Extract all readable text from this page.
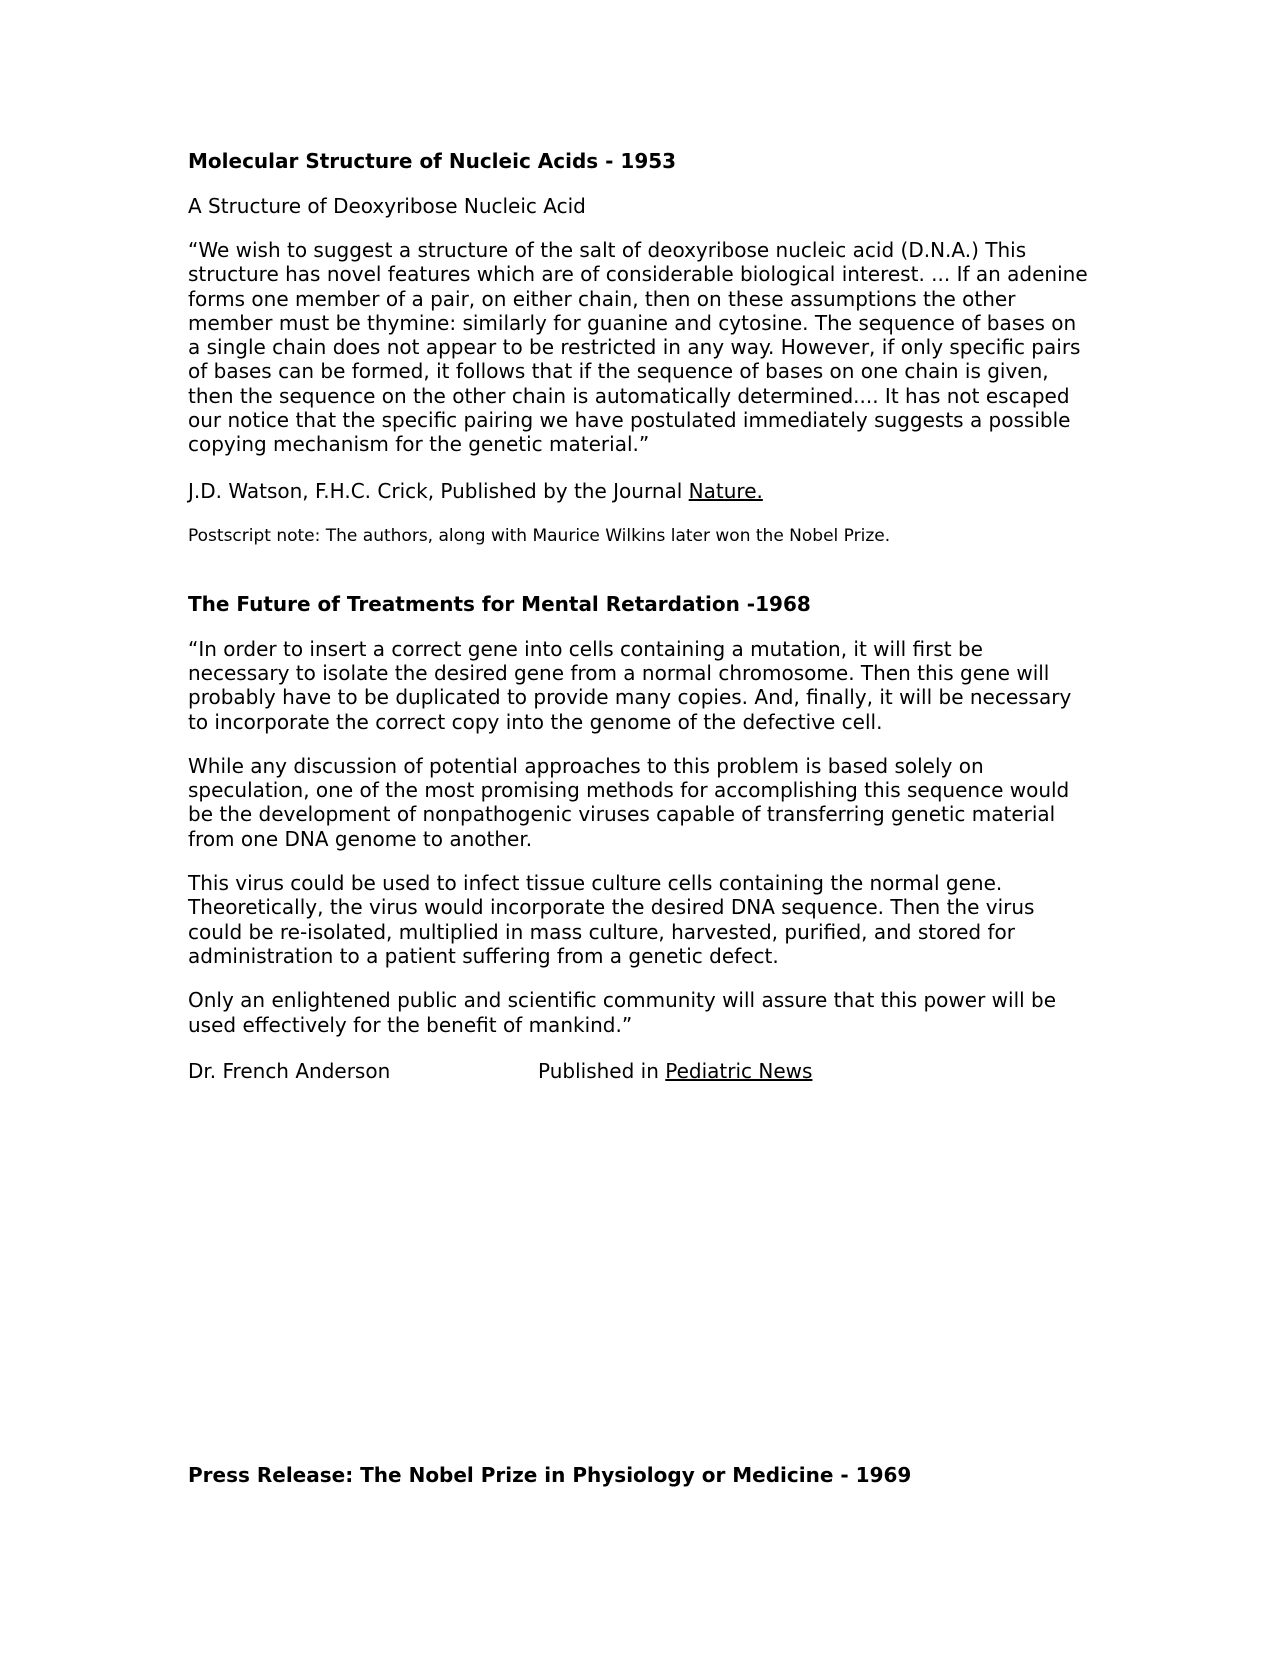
Molecular Structure of Nucleic Acids - 1953

A Structure of Deoxyribose Nucleic Acid

“We wish to suggest a structure of the salt of deoxyribose nucleic acid (D.N.A.) This structure has novel features which are of considerable biological interest. ... If an adenine forms one member of a pair, on either chain, then on these assumptions the other member must be thymine: similarly for guanine and cytosine. The sequence of bases on a single chain does not appear to be restricted in any way. However, if only specific pairs of bases can be formed, it follows that if the sequence of bases on one chain is given, then the sequence on the other chain is automatically determined.... It has not escaped our notice that the specific pairing we have postulated immediately suggests a possible copying mechanism for the genetic material.”

J.D. Watson, F.H.C. Crick, Published by the Journal Nature.

Postscript note: The authors, along with Maurice Wilkins later won the Nobel Prize.

The Future of Treatments for Mental Retardation -1968

“In order to insert a correct gene into cells containing a mutation, it will first be necessary to isolate the desired gene from a normal chromosome. Then this gene will probably have to be duplicated to provide many copies. And, finally, it will be necessary to incorporate the correct copy into the genome of the defective cell.

While any discussion of potential approaches to this problem is based solely on speculation, one of the most promising methods for accomplishing this sequence would be the development of nonpathogenic viruses capable of transferring genetic material from one DNA genome to another.

This virus could be used to infect tissue culture cells containing the normal gene. Theoretically, the virus would incorporate the desired DNA sequence. Then the virus could be re-isolated, multiplied in mass culture, harvested, purified, and stored for administration to a patient suffering from a genetic defect.

Only an enlightened public and scientific community will assure that this power will be used effectively for the benefit of mankind.”

Dr. French Anderson	Published in Pediatric News

Press Release: The Nobel Prize in Physiology or Medicine - 1969
